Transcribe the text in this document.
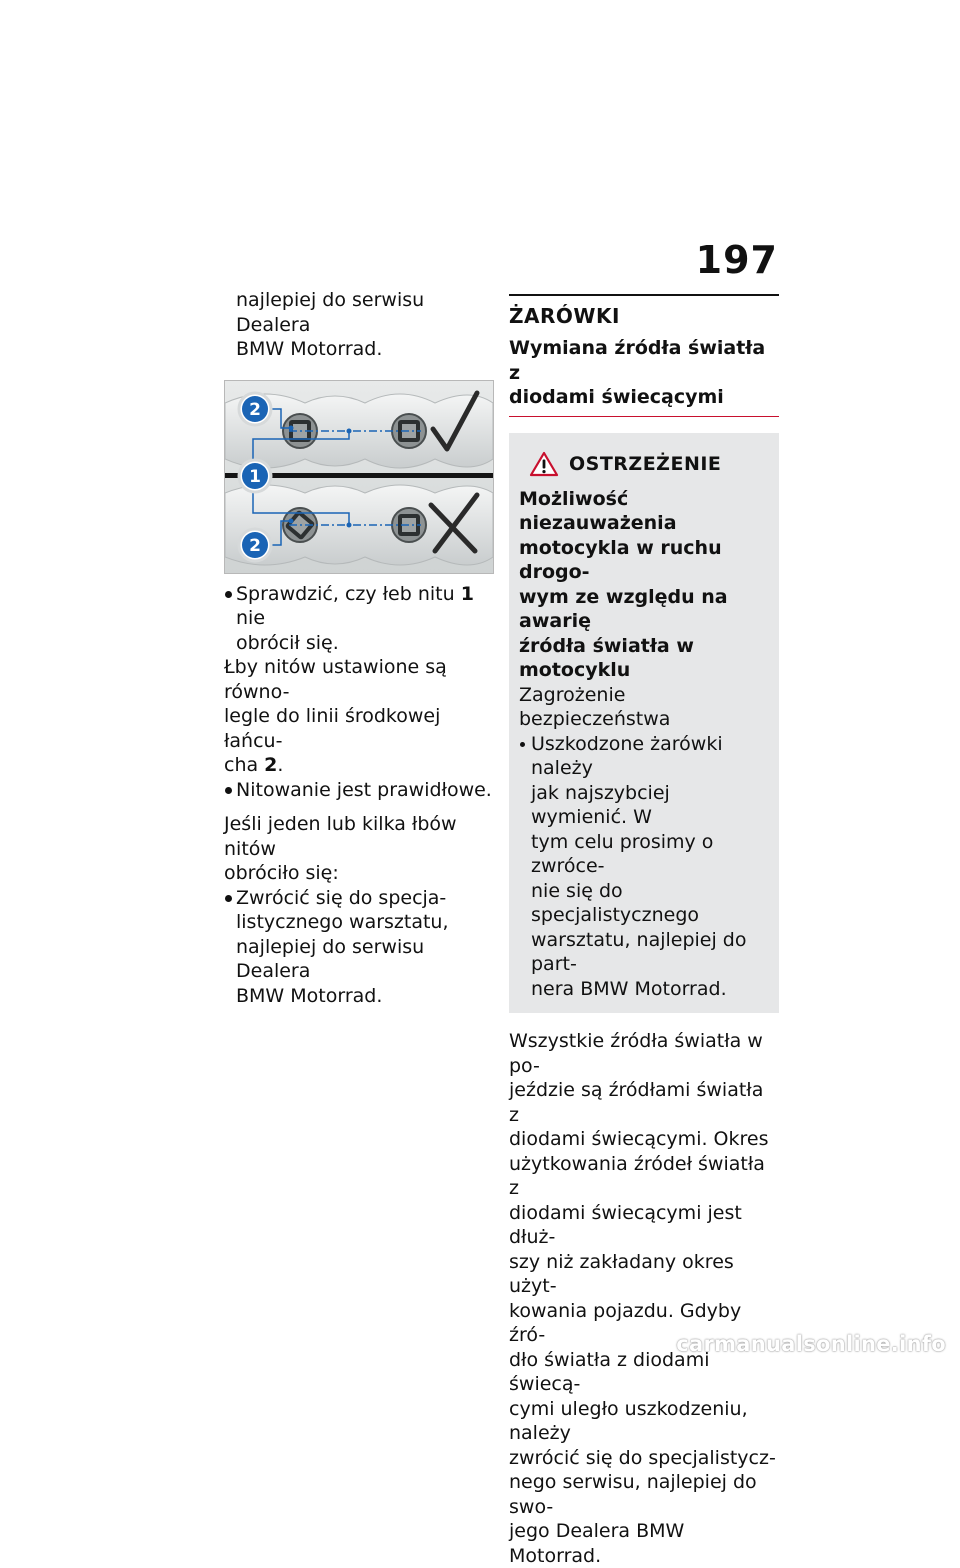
197
najlepiej do serwisu Dealera
BMW Motorrad.
2
1
2
Sprawdzić, czy łeb nitu 1 nie
obrócił się.
Łby nitów ustawione są równo-
legle do linii środkowej łańcu-
cha 2.
Nitowanie jest prawidłowe.
Jeśli jeden lub kilka łbów nitów
obróciło się:
Zwrócić się do specja-
listycznego warsztatu,
najlepiej do serwisu Dealera
BMW Motorrad.
ŻARÓWKI
Wymiana źródła światła z
diodami świecącymi
OSTRZEŻENIE
Możliwość niezauważenia
motocykla w ruchu drogo-
wym ze względu na awarię
źródła światła w motocyklu
Zagrożenie bezpieczeństwa
Uszkodzone żarówki należy
jak najszybciej wymienić. W
tym celu prosimy o zwróce-
nie się do specjalistycznego
warsztatu, najlepiej do part-
nera BMW Motorrad.
Wszystkie źródła światła w po-
jeździe są źródłami światła z
diodami świecącymi. Okres
użytkowania źródeł światła z
diodami świecącymi jest dłuż-
szy niż zakładany okres użyt-
kowania pojazdu. Gdyby źró-
dło światła z diodami świecą-
cymi uległo uszkodzeniu, należy
zwrócić się do specjalistycz-
nego serwisu, najlepiej do swo-
jego Dealera BMW Motorrad.
carmanualsonline.info
